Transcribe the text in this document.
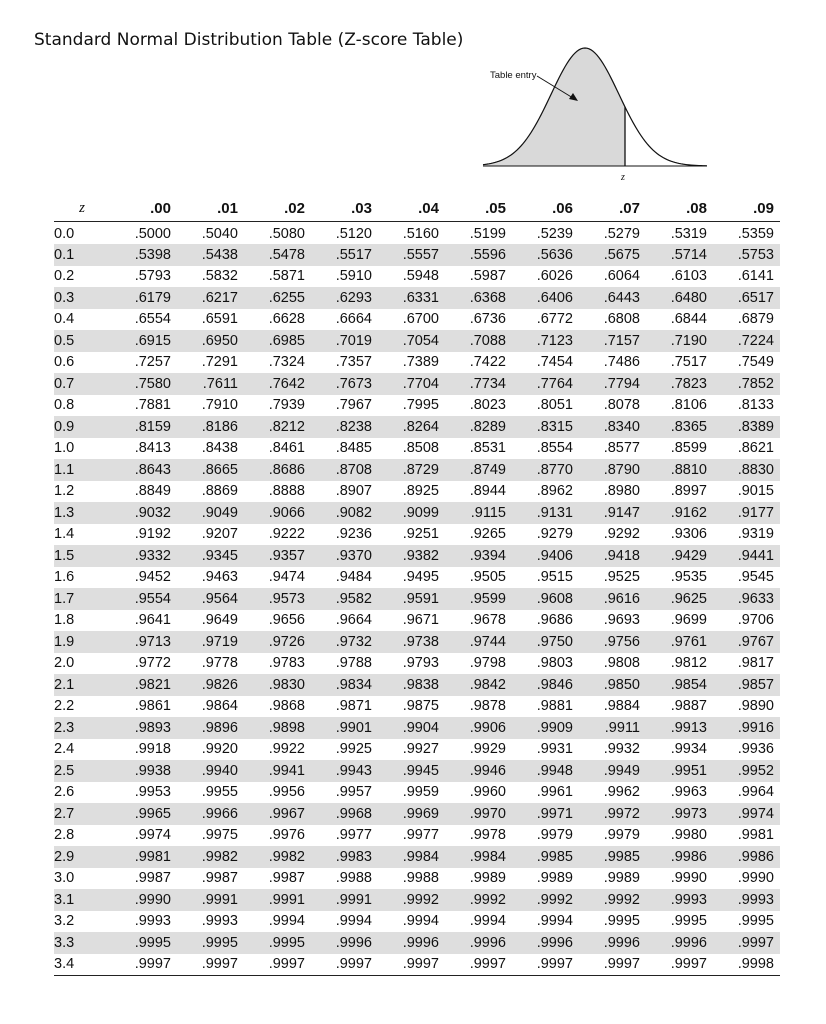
Standard Normal Distribution Table (Z-score Table)
Table entry
z
z	.00	.01	.02	.03	.04	.05	.06	.07	.08	.09
0.0	.5000	.5040	.5080	.5120	.5160	.5199	.5239	.5279	.5319	.5359
0.1	.5398	.5438	.5478	.5517	.5557	.5596	.5636	.5675	.5714	.5753
0.2	.5793	.5832	.5871	.5910	.5948	.5987	.6026	.6064	.6103	.6141
0.3	.6179	.6217	.6255	.6293	.6331	.6368	.6406	.6443	.6480	.6517
0.4	.6554	.6591	.6628	.6664	.6700	.6736	.6772	.6808	.6844	.6879
0.5	.6915	.6950	.6985	.7019	.7054	.7088	.7123	.7157	.7190	.7224
0.6	.7257	.7291	.7324	.7357	.7389	.7422	.7454	.7486	.7517	.7549
0.7	.7580	.7611	.7642	.7673	.7704	.7734	.7764	.7794	.7823	.7852
0.8	.7881	.7910	.7939	.7967	.7995	.8023	.8051	.8078	.8106	.8133
0.9	.8159	.8186	.8212	.8238	.8264	.8289	.8315	.8340	.8365	.8389
1.0	.8413	.8438	.8461	.8485	.8508	.8531	.8554	.8577	.8599	.8621
1.1	.8643	.8665	.8686	.8708	.8729	.8749	.8770	.8790	.8810	.8830
1.2	.8849	.8869	.8888	.8907	.8925	.8944	.8962	.8980	.8997	.9015
1.3	.9032	.9049	.9066	.9082	.9099	.9115	.9131	.9147	.9162	.9177
1.4	.9192	.9207	.9222	.9236	.9251	.9265	.9279	.9292	.9306	.9319
1.5	.9332	.9345	.9357	.9370	.9382	.9394	.9406	.9418	.9429	.9441
1.6	.9452	.9463	.9474	.9484	.9495	.9505	.9515	.9525	.9535	.9545
1.7	.9554	.9564	.9573	.9582	.9591	.9599	.9608	.9616	.9625	.9633
1.8	.9641	.9649	.9656	.9664	.9671	.9678	.9686	.9693	.9699	.9706
1.9	.9713	.9719	.9726	.9732	.9738	.9744	.9750	.9756	.9761	.9767
2.0	.9772	.9778	.9783	.9788	.9793	.9798	.9803	.9808	.9812	.9817
2.1	.9821	.9826	.9830	.9834	.9838	.9842	.9846	.9850	.9854	.9857
2.2	.9861	.9864	.9868	.9871	.9875	.9878	.9881	.9884	.9887	.9890
2.3	.9893	.9896	.9898	.9901	.9904	.9906	.9909	.9911	.9913	.9916
2.4	.9918	.9920	.9922	.9925	.9927	.9929	.9931	.9932	.9934	.9936
2.5	.9938	.9940	.9941	.9943	.9945	.9946	.9948	.9949	.9951	.9952
2.6	.9953	.9955	.9956	.9957	.9959	.9960	.9961	.9962	.9963	.9964
2.7	.9965	.9966	.9967	.9968	.9969	.9970	.9971	.9972	.9973	.9974
2.8	.9974	.9975	.9976	.9977	.9977	.9978	.9979	.9979	.9980	.9981
2.9	.9981	.9982	.9982	.9983	.9984	.9984	.9985	.9985	.9986	.9986
3.0	.9987	.9987	.9987	.9988	.9988	.9989	.9989	.9989	.9990	.9990
3.1	.9990	.9991	.9991	.9991	.9992	.9992	.9992	.9992	.9993	.9993
3.2	.9993	.9993	.9994	.9994	.9994	.9994	.9994	.9995	.9995	.9995
3.3	.9995	.9995	.9995	.9996	.9996	.9996	.9996	.9996	.9996	.9997
3.4	.9997	.9997	.9997	.9997	.9997	.9997	.9997	.9997	.9997	.9998
